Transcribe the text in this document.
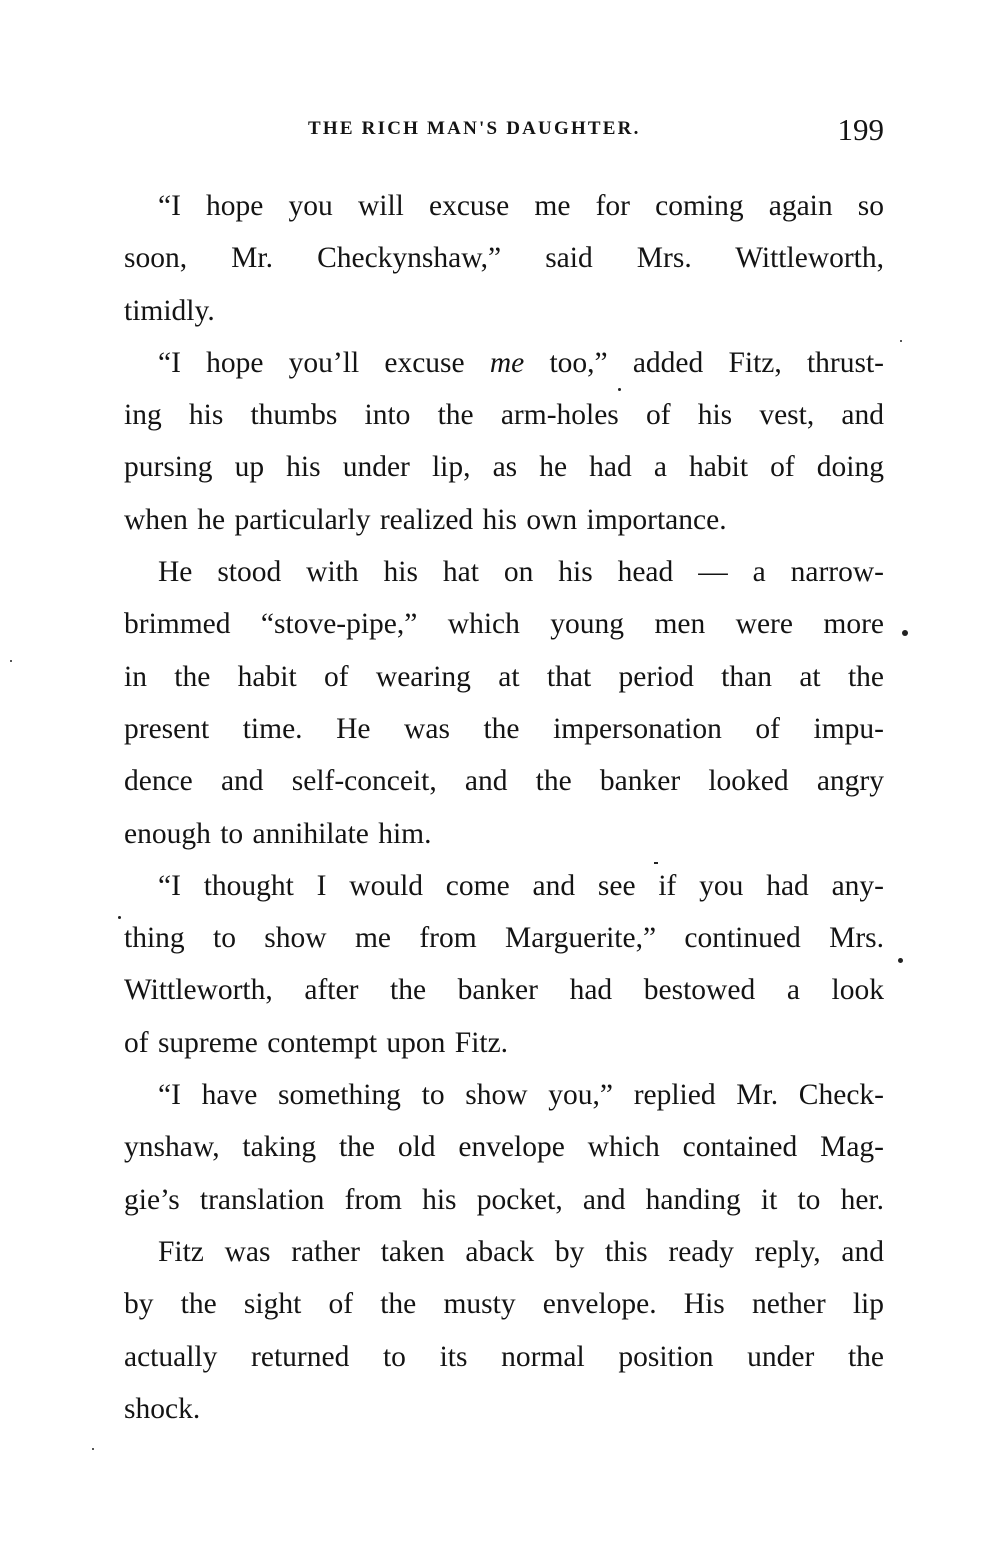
THE RICH MAN'S DAUGHTER.	199

“I hope you will excuse me for coming again so
soon, Mr. Checkynshaw,” said Mrs. Wittleworth,
timidly.

“I hope you’ll excuse me too,” added Fitz, thrust-
ing his thumbs into the arm-holes of his vest, and
pursing up his under lip, as he had a habit of doing
when he particularly realized his own importance.

He stood with his hat on his head — a narrow-
brimmed “stove-pipe,” which young men were more
in the habit of wearing at that period than at the
present time. He was the impersonation of impu-
dence and self-conceit, and the banker looked angry
enough to annihilate him.

“I thought I would come and see if you had any-
thing to show me from Marguerite,” continued Mrs.
Wittleworth, after the banker had bestowed a look
of supreme contempt upon Fitz.

“I have something to show you,” replied Mr. Check-
ynshaw, taking the old envelope which contained Mag-
gie’s translation from his pocket, and handing it to her.

Fitz was rather taken aback by this ready reply, and
by the sight of the musty envelope. His nether lip
actually returned to its normal position under the
shock.
